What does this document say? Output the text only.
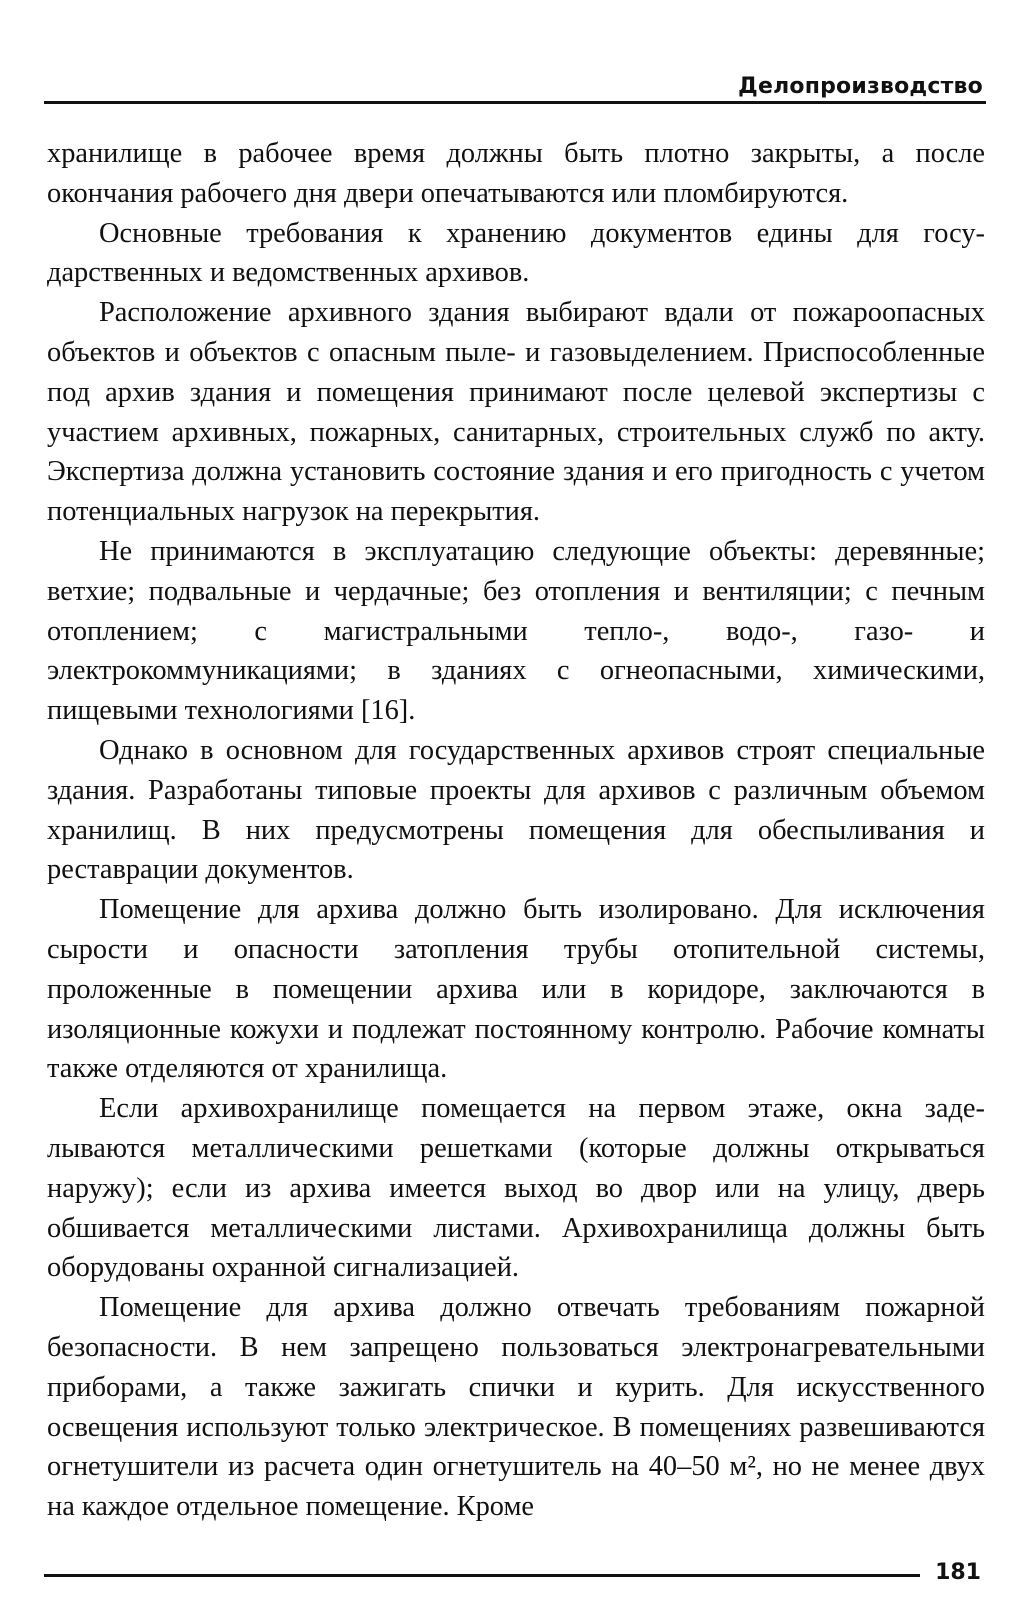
Делопроизводство

хранилище в рабочее время должны быть плотно закрыты, а после окончания рабочего дня двери опечатываются или пломбируются.

Основные требования к хранению документов едины для государственных и ведомственных архивов.

Расположение архивного здания выбирают вдали от пожароопасных объектов и объектов с опасным пыле- и газовыделением. Приспособленные под архив здания и помещения принимают после целевой экспертизы с участием архивных, пожарных, санитарных, строительных служб по акту. Экспертиза должна установить состояние здания и его пригодность с учетом потенциальных нагрузок на перекрытия.

Не принимаются в эксплуатацию следующие объекты: деревянные; ветхие; подвальные и чердачные; без отопления и вентиляции; с печным отоплением; с магистральными тепло-, водо-, газо- и электрокоммуникациями; в зданиях с огнеопасными, химическими, пищевыми технологиями [16].

Однако в основном для государственных архивов строят специальные здания. Разработаны типовые проекты для архивов с различным объемом хранилищ. В них предусмотрены помещения для обеспыливания и реставрации документов.

Помещение для архива должно быть изолировано. Для исключения сырости и опасности затопления трубы отопительной системы, проложенные в помещении архива или в коридоре, заключаются в изоляционные кожухи и подлежат постоянному контролю. Рабочие комнаты также отделяются от хранилища.

Если архивохранилище помещается на первом этаже, окна заделываются металлическими решетками (которые должны открываться наружу); если из архива имеется выход во двор или на улицу, дверь обшивается металлическими листами. Архивохранилища должны быть оборудованы охранной сигнализацией.

Помещение для архива должно отвечать требованиям пожарной безопасности. В нем запрещено пользоваться электронагревательными приборами, а также зажигать спички и курить. Для искусственного освещения используют только электрическое. В помещениях развешиваются огнетушители из расчета один огнетушитель на 40–50 м², но не менее двух на каждое отдельное помещение. Кроме

181
